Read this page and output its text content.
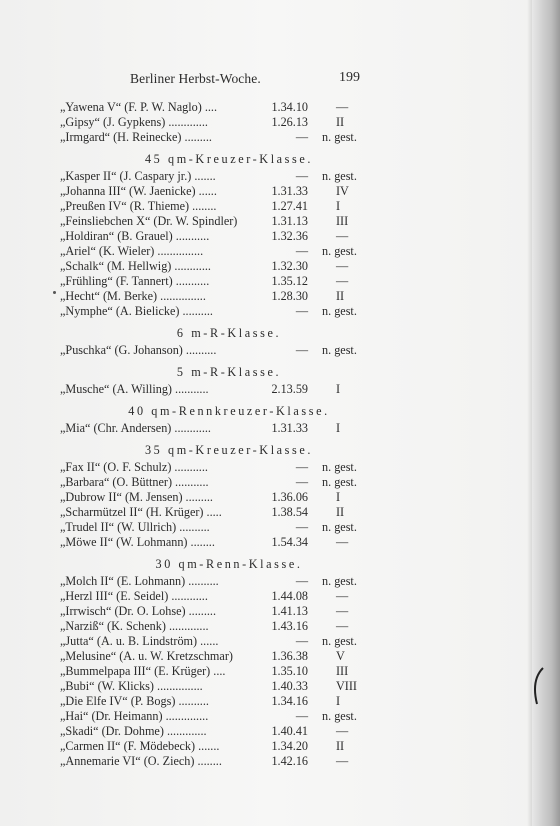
Berliner Herbst-Woche.	199
„Yawena V“ (F. P. W. Naglo) ....	1.34.10 —
„Gipsy“ (J. Gypkens) .............	1.26.13 II
„Irmgard“ (H. Reinecke) .........	— n. gest.
45 qm-Kreuzer-Klasse.
„Kasper II“ (J. Caspary jr.) .......	— n. gest.
„Johanna III“ (W. Jaenicke) ......	1.31.33 IV
„Preußen IV“ (R. Thieme) ........	1.27.41 I
„Feinsliebchen X“ (Dr. W. Spindler)	1.31.13 III
„Holdiran“ (B. Grauel) ...........	1.32.36 —
„Ariel“ (K. Wieler) ...............	— n. gest.
„Schalk“ (M. Hellwig) ............	1.32.30 —
„Frühling“ (F. Tannert) ...........	1.35.12 —
„Hecht“ (M. Berke) ...............	1.28.30 II
„Nymphe“ (A. Bielicke) ..........	— n. gest.
6 m-R-Klasse.
„Puschka“ (G. Johanson) ..........	— n. gest.
5 m-R-Klasse.
„Musche“ (A. Willing) ...........	2.13.59 I
40 qm-Rennkreuzer-Klasse.
„Mia“ (Chr. Andersen) ............	1.31.33 I
35 qm-Kreuzer-Klasse.
„Fax II“ (O. F. Schulz) ...........	— n. gest.
„Barbara“ (O. Büttner) ...........	— n. gest.
„Dubrow II“ (M. Jensen) .........	1.36.06 I
„Scharmützel II“ (H. Krüger) .....	1.38.54 II
„Trudel II“ (W. Ullrich) ..........	— n. gest.
„Möwe II“ (W. Lohmann) ........	1.54.34 —
30 qm-Renn-Klasse.
„Molch II“ (E. Lohmann) ..........	— n. gest.
„Herzl III“ (E. Seidel) ............	1.44.08 —
„Irrwisch“ (Dr. O. Lohse) .........	1.41.13 —
„Narziß“ (K. Schenk) .............	1.43.16 —
„Jutta“ (A. u. B. Lindström) ......	— n. gest.
„Melusine“ (A. u. W. Kretzschmar)	1.36.38 V
„Bummelpapa III“ (E. Krüger) ....	1.35.10 III
„Bubi“ (W. Klicks) ...............	1.40.33 VIII
„Die Elfe IV“ (P. Bogs) ..........	1.34.16 I
„Hai“ (Dr. Heimann) ..............	— n. gest.
„Skadi“ (Dr. Dohme) .............	1.40.41 —
„Carmen II“ (F. Mödebeck) .......	1.34.20 II
„Annemarie VI“ (O. Ziech) ........	1.42.16 —
